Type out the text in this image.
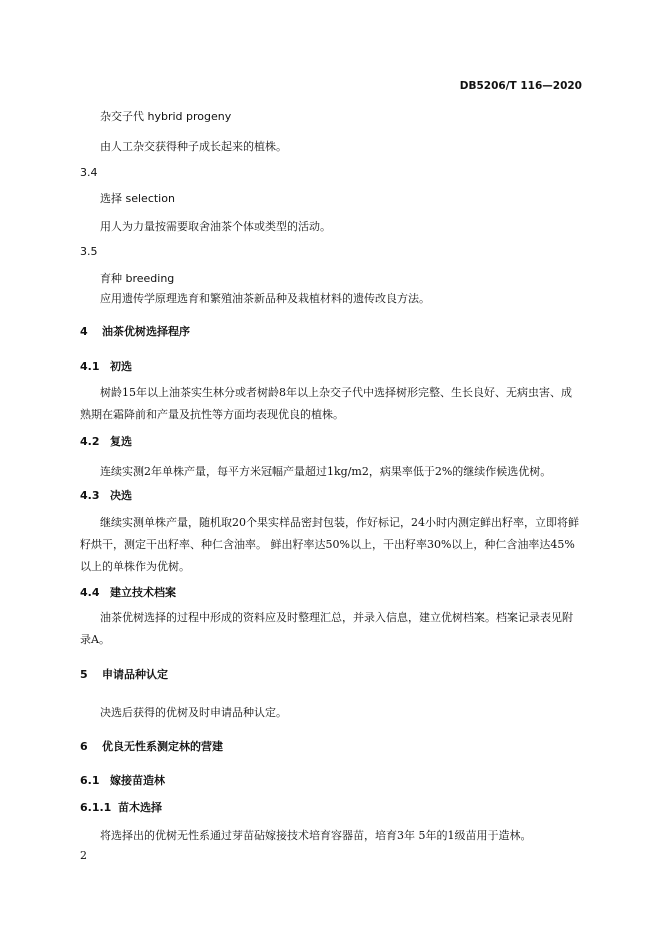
DB5206/T 116—2020
杂交子代 hybrid progeny
由人工杂交获得种子成长起来的植株。
3.4
选择 selection
用人为力量按需要取舍油茶个体或类型的活动。
3.5
育种 breeding
应用遗传学原理选育和繁殖油茶新品种及栽植材料的遗传改良方法。
4 油茶优树选择程序
4.1 初选
树龄15年以上油茶实生林分或者树龄8年以上杂交子代中选择树形完整、生长良好、无病虫害、成熟期在霜降前和产量及抗性等方面均表现优良的植株。
4.2 复选
连续实测2年单株产量，每平方米冠幅产量超过1kg/m2，病果率低于2%的继续作候选优树。
4.3 决选
继续实测单株产量，随机取20个果实样品密封包装，作好标记，24小时内测定鲜出籽率，立即将鲜籽烘干，测定干出籽率、种仁含油率。 鲜出籽率达50%以上，干出籽率30%以上，种仁含油率达45%以上的单株作为优树。
4.4 建立技术档案
油茶优树选择的过程中形成的资料应及时整理汇总，并录入信息，建立优树档案。档案记录表见附录A。
5 申请品种认定
决选后获得的优树及时申请品种认定。
6 优良无性系测定林的营建
6.1 嫁接苗造林
6.1.1 苗木选择
将选择出的优树无性系通过芽苗砧嫁接技术培育容器苗，培育3年 5年的1级苗用于造林。
2
